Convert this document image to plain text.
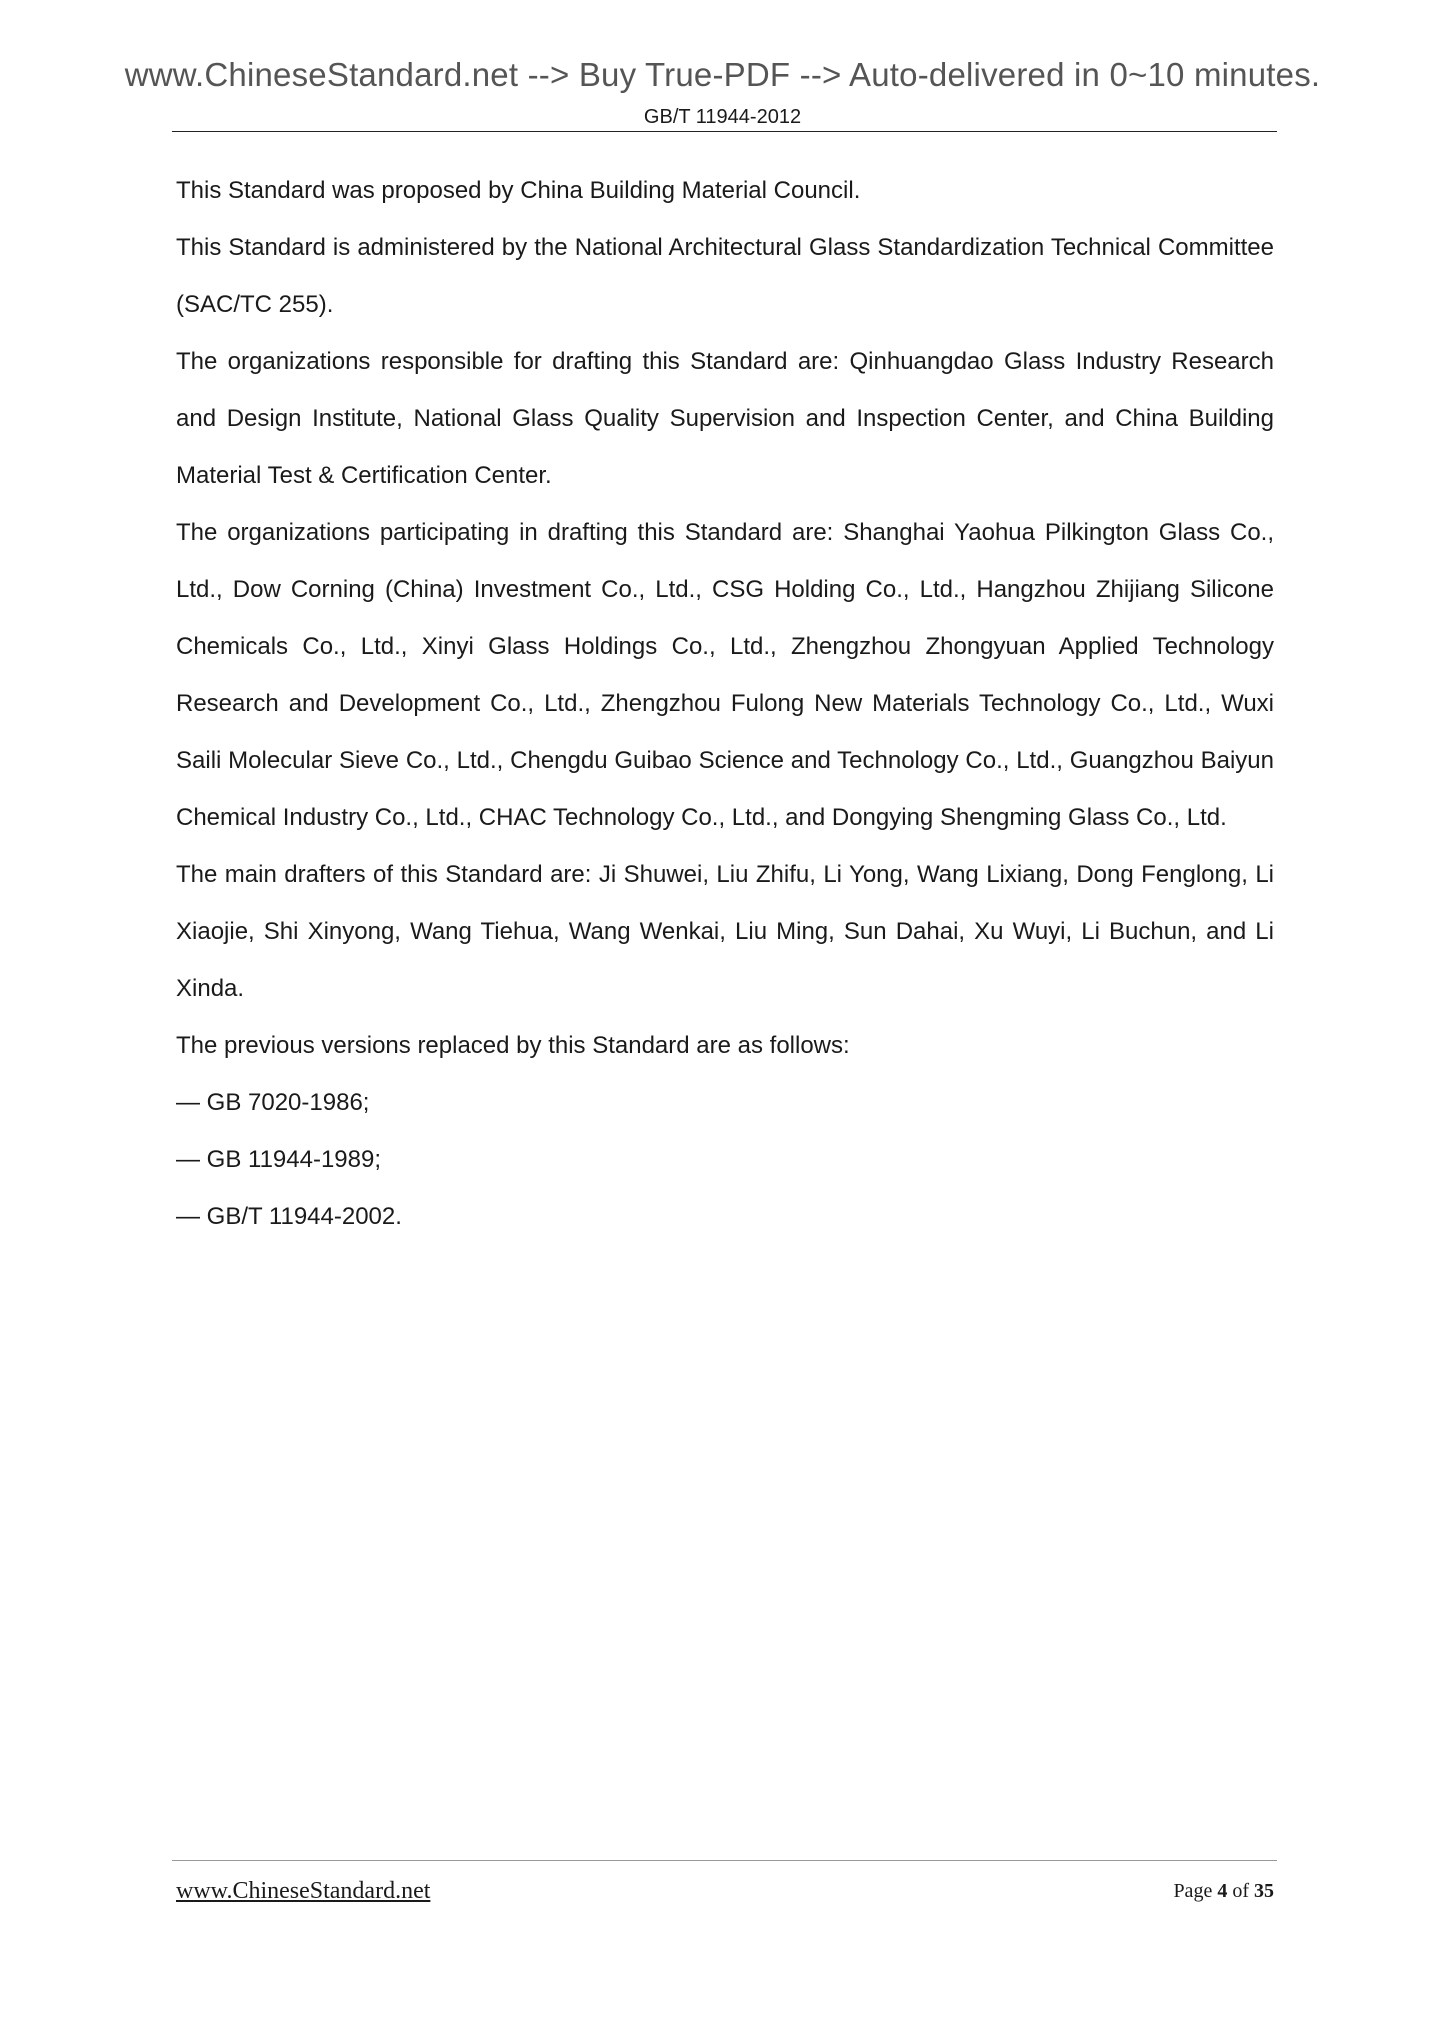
www.ChineseStandard.net --> Buy True-PDF --> Auto-delivered in 0~10 minutes.
GB/T 11944-2012

This Standard was proposed by China Building Material Council.

This Standard is administered by the National Architectural Glass Standardization Technical Committee (SAC/TC 255).

The organizations responsible for drafting this Standard are: Qinhuangdao Glass Industry Research and Design Institute, National Glass Quality Supervision and Inspection Center, and China Building Material Test & Certification Center.

The organizations participating in drafting this Standard are: Shanghai Yaohua Pilkington Glass Co., Ltd., Dow Corning (China) Investment Co., Ltd., CSG Holding Co., Ltd., Hangzhou Zhijiang Silicone Chemicals Co., Ltd., Xinyi Glass Holdings Co., Ltd., Zhengzhou Zhongyuan Applied Technology Research and Development Co., Ltd., Zhengzhou Fulong New Materials Technology Co., Ltd., Wuxi Saili Molecular Sieve Co., Ltd., Chengdu Guibao Science and Technology Co., Ltd., Guangzhou Baiyun Chemical Industry Co., Ltd., CHAC Technology Co., Ltd., and Dongying Shengming Glass Co., Ltd.

The main drafters of this Standard are: Ji Shuwei, Liu Zhifu, Li Yong, Wang Lixiang, Dong Fenglong, Li Xiaojie, Shi Xinyong, Wang Tiehua, Wang Wenkai, Liu Ming, Sun Dahai, Xu Wuyi, Li Buchun, and Li Xinda.

The previous versions replaced by this Standard are as follows:

— GB 7020-1986;

— GB 11944-1989;

— GB/T 11944-2002.

www.ChineseStandard.net	Page 4 of 35
